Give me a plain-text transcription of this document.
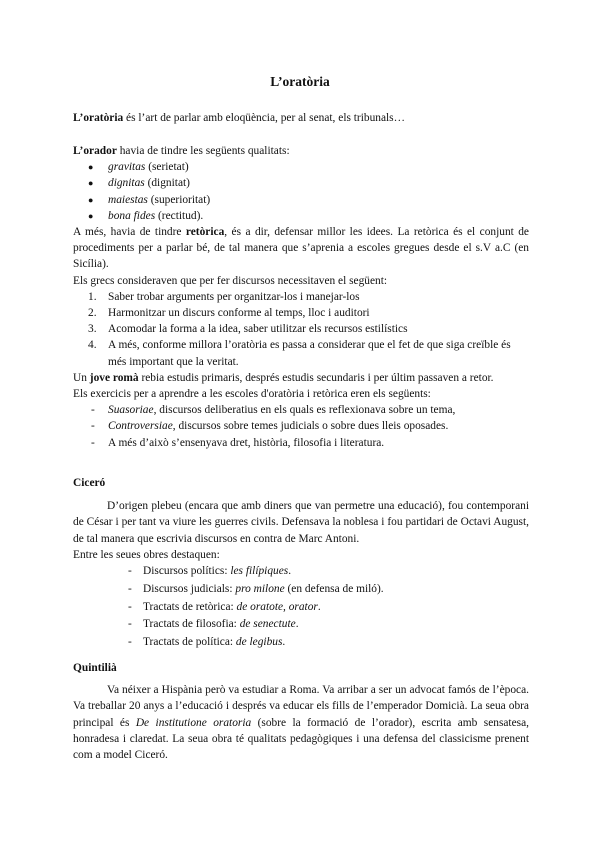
L’oratòria

L’oratòria és l’art de parlar amb eloqüència, per al senat, els tribunals…

L’orador havia de tindre les següents qualitats:

● gravitas (serietat)
● dignitas (dignitat)
● maiestas (superioritat)
● bona fides (rectitud).

A més, havia de tindre retòrica, és a dir, defensar millor les idees. La retòrica és el conjunt de procediments per a parlar bé, de tal manera que s’aprenia a escoles gregues desde el s.V a.C (en Sicília).

Els grecs consideraven que per fer discursos necessitaven el següent:

1. Saber trobar arguments per organitzar-los i manejar-los
2. Harmonitzar un discurs conforme al temps, lloc i auditori
3. Acomodar la forma a la idea, saber utilitzar els recursos estilístics
4. A més, conforme millora l’oratòria es passa a considerar que el fet de que siga creïble és més important que la veritat.

Un jove romà rebia estudis primaris, després estudis secundaris i per últim passaven a retor.

Els exercicis per a aprendre a les escoles d'oratòria i retòrica eren els següents:

- Suasoriae, discursos deliberatius en els quals es reflexionava sobre un tema,
- Controversiae, discursos sobre temes judicials o sobre dues lleis oposades.
- A més d’això s’ensenyava dret, història, filosofia i literatura.

Ciceró

D’origen plebeu (encara que amb diners que van permetre una educació), fou contemporani de César i per tant va viure les guerres civils. Defensava la noblesa i fou partidari de Octavi August, de tal manera que escrivia discursos en contra de Marc Antoni.

Entre les seues obres destaquen:

- Discursos polítics: les filípiques.
- Discursos judicials: pro milone (en defensa de miló).
- Tractats de retòrica: de oratote, orator.
- Tractats de filosofia: de senectute.
- Tractats de política: de legibus.

Quintilià

Va néixer a Hispània però va estudiar a Roma. Va arribar a ser un advocat famós de l’època. Va treballar 20 anys a l’educació i després va educar els fills de l’emperador Domicià. La seua obra principal és De institutione oratoria (sobre la formació de l’orador), escrita amb sensatesa, honradesa i claredat. La seua obra té qualitats pedagògiques i una defensa del classicisme prenent com a model Ciceró.
